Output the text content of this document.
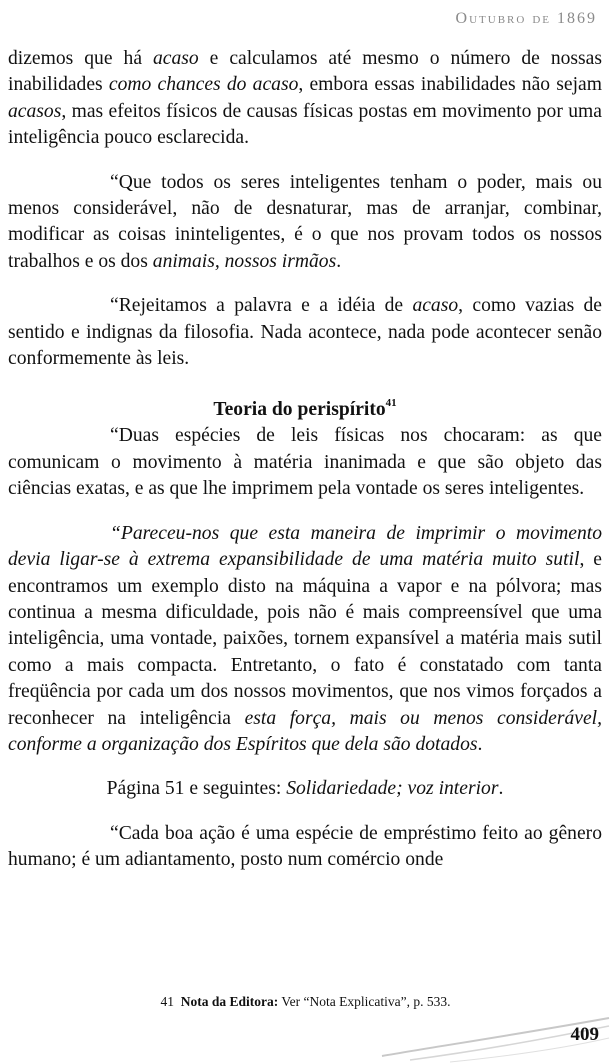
Outubro de 1869

dizemos que há acaso e calculamos até mesmo o número de nossas inabilidades como chances do acaso, embora essas inabilidades não sejam acasos, mas efeitos físicos de causas físicas postas em movimento por uma inteligência pouco esclarecida.

“Que todos os seres inteligentes tenham o poder, mais ou menos considerável, não de desnaturar, mas de arranjar, combinar, modificar as coisas ininteligentes, é o que nos provam todos os nossos trabalhos e os dos animais, nossos irmãos.

“Rejeitamos a palavra e a idéia de acaso, como vazias de sentido e indignas da filosofia. Nada acontece, nada pode acontecer senão conformemente às leis.

Teoria do perispírito$^{41}$

“Duas espécies de leis físicas nos chocaram: as que comunicam o movimento à matéria inanimada e que são objeto das ciências exatas, e as que lhe imprimem pela vontade os seres inteligentes.

“Pareceu-nos que esta maneira de imprimir o movimento devia ligar-se à extrema expansibilidade de uma matéria muito sutil, e encontramos um exemplo disto na máquina a vapor e na pólvora; mas continua a mesma dificuldade, pois não é mais compreensível que uma inteligência, uma vontade, paixões, tornem expansível a matéria mais sutil como a mais compacta. Entretanto, o fato é constatado com tanta freqüência por cada um dos nossos movimentos, que nos vimos forçados a reconhecer na inteligência esta força, mais ou menos considerável, conforme a organização dos Espíritos que dela são dotados.

Página 51 e seguintes: Solidariedade; voz interior.

“Cada boa ação é uma espécie de empréstimo feito ao gênero humano; é um adiantamento, posto num comércio onde

41 Nota da Editora: Ver “Nota Explicativa”, p. 533.
409
